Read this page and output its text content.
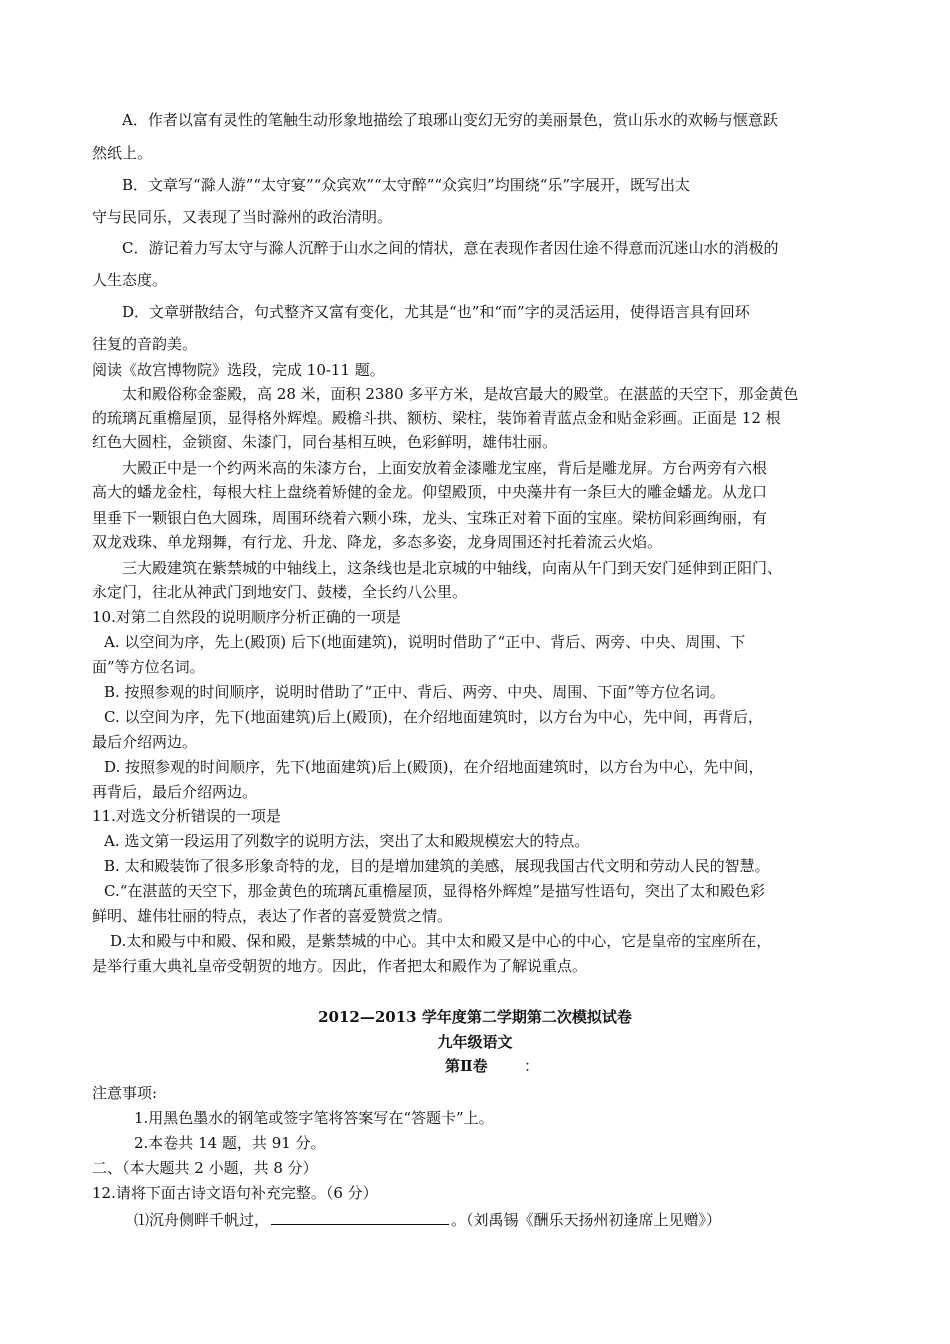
A．作者以富有灵性的笔触生动形象地描绘了琅琊山变幻无穷的美丽景色，赏山乐水的欢畅与惬意跃
然纸上。
B．文章写“滁人游”“太守宴”“众宾欢”“太守醉”“众宾归”均围绕“乐”字展开，既写出太
守与民同乐，又表现了当时滁州的政治清明。
C．游记着力写太守与滁人沉醉于山水之间的情状，意在表现作者因仕途不得意而沉迷山水的消极的
人生态度。
D．文章骈散结合，句式整齐又富有变化，尤其是“也”和“而”字的灵活运用，使得语言具有回环
往复的音韵美。
阅读《故宫博物院》选段，完成 10-11 题。
太和殿俗称金銮殿，高 28 米，面积 2380 多平方米，是故宫最大的殿堂。在湛蓝的天空下，那金黄色
的琉璃瓦重檐屋顶，显得格外辉煌。殿檐斗拱、额枋、梁柱，装饰着青蓝点金和贴金彩画。正面是 12 根
红色大圆柱，金锁窗、朱漆门，同台基相互映，色彩鲜明，雄伟壮丽。
大殿正中是一个约两米高的朱漆方台，上面安放着金漆雕龙宝座，背后是雕龙屏。方台两旁有六根
高大的蟠龙金柱，每根大柱上盘绕着矫健的金龙。仰望殿顶，中央藻井有一条巨大的雕金蟠龙。从龙口
里垂下一颗银白色大圆珠，周围环绕着六颗小珠，龙头、宝珠正对着下面的宝座。梁枋间彩画绚丽，有
双龙戏珠、单龙翔舞，有行龙、升龙、降龙，多态多姿，龙身周围还衬托着流云火焰。
三大殿建筑在紫禁城的中轴线上，这条线也是北京城的中轴线，向南从午门到天安门延伸到正阳门、
永定门，往北从神武门到地安门、鼓楼，全长约八公里。
10.对第二自然段的说明顺序分析正确的一项是
A. 以空间为序，先上(殿顶) 后下(地面建筑)，说明时借助了“正中、背后、两旁、中央、周围、下
面”等方位名词。
B. 按照参观的时间顺序，说明时借助了“正中、背后、两旁、中央、周围、下面”等方位名词。
C. 以空间为序，先下(地面建筑)后上(殿顶)，在介绍地面建筑时，以方台为中心，先中间，再背后，
最后介绍两边。
D. 按照参观的时间顺序，先下(地面建筑)后上(殿顶)，在介绍地面建筑时，以方台为中心，先中间，
再背后，最后介绍两边。
11.对选文分析错误的一项是
A. 选文第一段运用了列数字的说明方法，突出了太和殿规模宏大的特点。
B. 太和殿装饰了很多形象奇特的龙，目的是增加建筑的美感，展现我国古代文明和劳动人民的智慧。
C.“在湛蓝的天空下，那金黄色的琉璃瓦重檐屋顶，显得格外辉煌”是描写性语句，突出了太和殿色彩
鲜明、雄伟壮丽的特点，表达了作者的喜爱赞赏之情。
D.太和殿与中和殿、保和殿，是紫禁城的中心。其中太和殿又是中心的中心，它是皇帝的宝座所在，
是举行重大典礼皇帝受朝贺的地方。因此，作者把太和殿作为了解说重点。
2012—2013 学年度第二学期第二次模拟试卷
九年级语文
第Ⅱ卷 ：
注意事项:
1.用黑色墨水的钢笔或签字笔将答案写在“答题卡”上。
2.本卷共 14 题，共 91 分。
二、（本大题共 2 小题，共 8 分）
12.请将下面古诗文语句补充完整。（6 分）
⑴沉舟侧畔千帆过，	。（刘禹锡《酬乐天扬州初逢席上见赠》）
